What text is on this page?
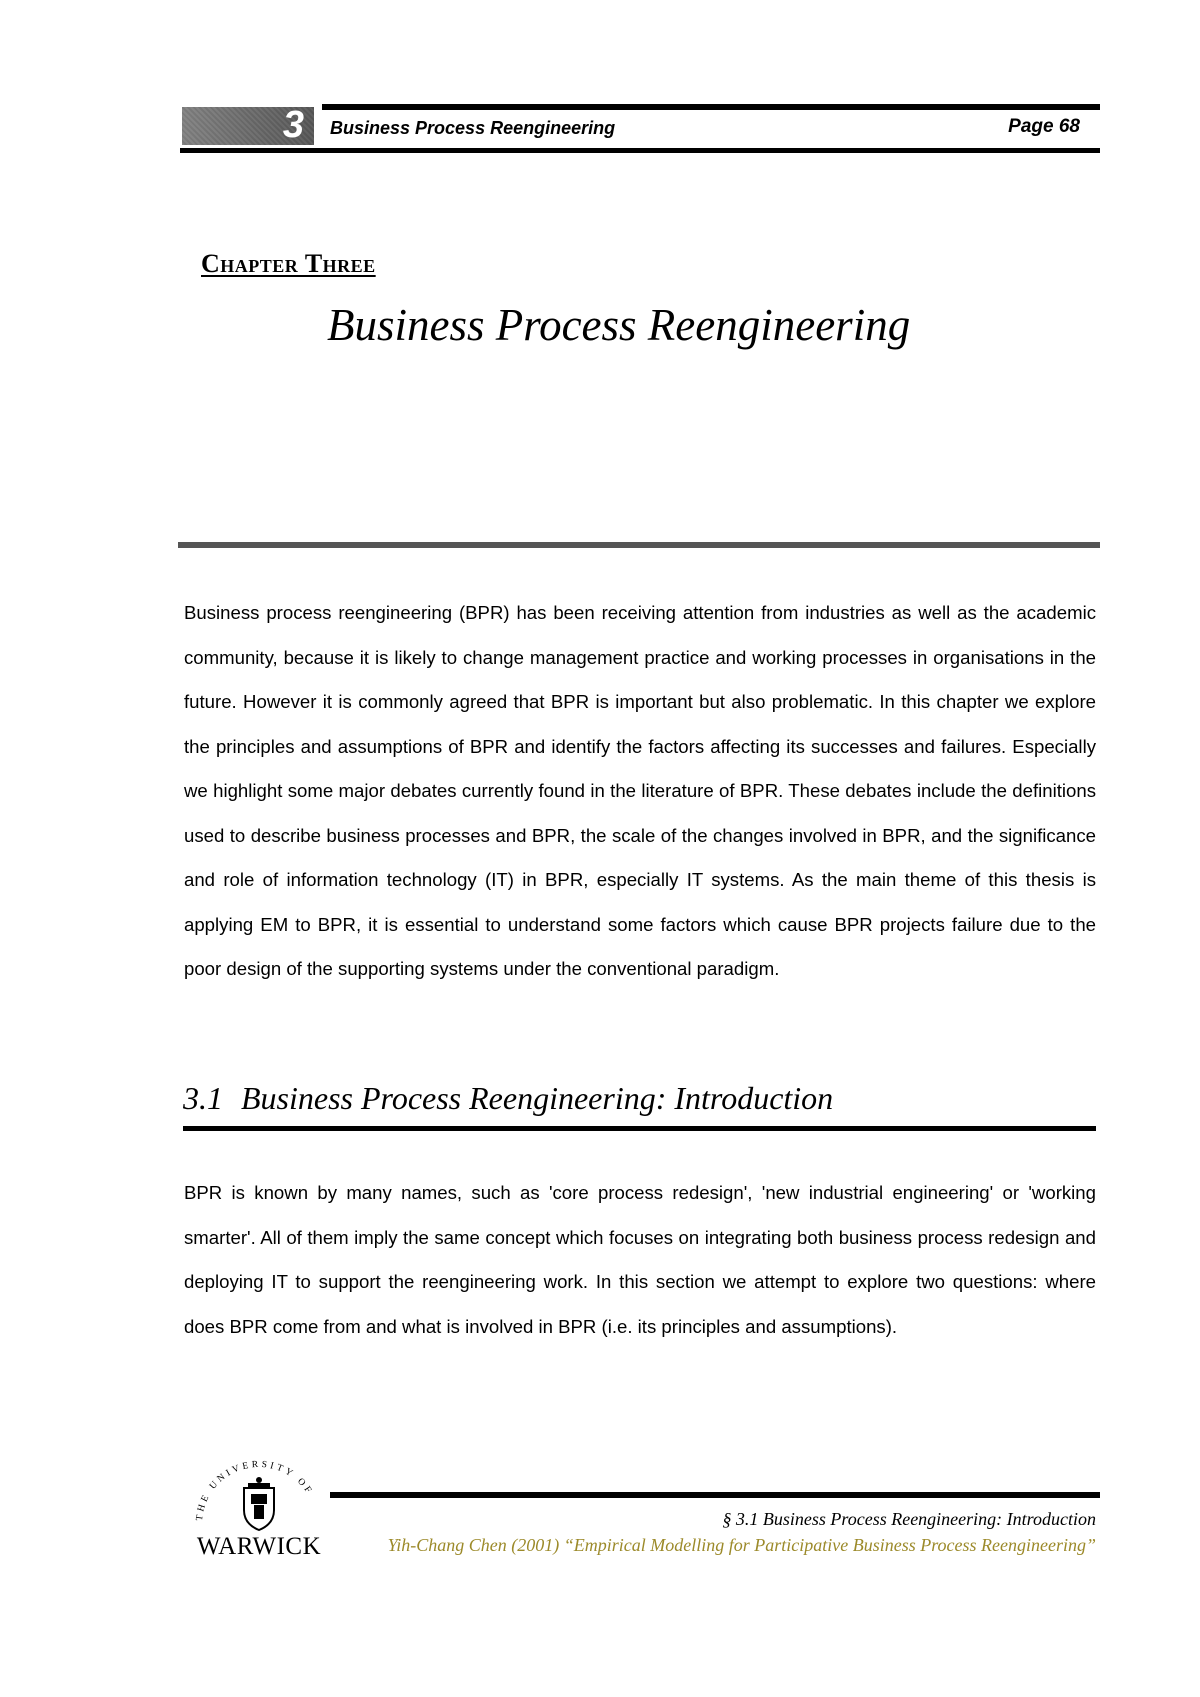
3 Business Process Reengineering	Page 68
Chapter Three
Business Process Reengineering

Business process reengineering (BPR) has been receiving attention from industries as well as the academic community, because it is likely to change management practice and working processes in organisations in the future. However it is commonly agreed that BPR is important but also problematic. In this chapter we explore the principles and assumptions of BPR and identify the factors affecting its successes and failures. Especially we highlight some major debates currently found in the literature of BPR. These debates include the definitions used to describe business processes and BPR, the scale of the changes involved in BPR, and the significance and role of information technology (IT) in BPR, especially IT systems. As the main theme of this thesis is applying EM to BPR, it is essential to understand some factors which cause BPR projects failure due to the poor design of the supporting systems under the conventional paradigm.

3.1 Business Process Reengineering: Introduction

BPR is known by many names, such as 'core process redesign', 'new industrial engineering' or 'working smarter'. All of them imply the same concept which focuses on integrating both business process redesign and deploying IT to support the reengineering work. In this section we attempt to explore two questions: where does BPR come from and what is involved in BPR (i.e. its principles and assumptions).

THE UNIVERSITY OF
WARWICK
§ 3.1 Business Process Reengineering: Introduction
Yih-Chang Chen (2001) “Empirical Modelling for Participative Business Process Reengineering”
